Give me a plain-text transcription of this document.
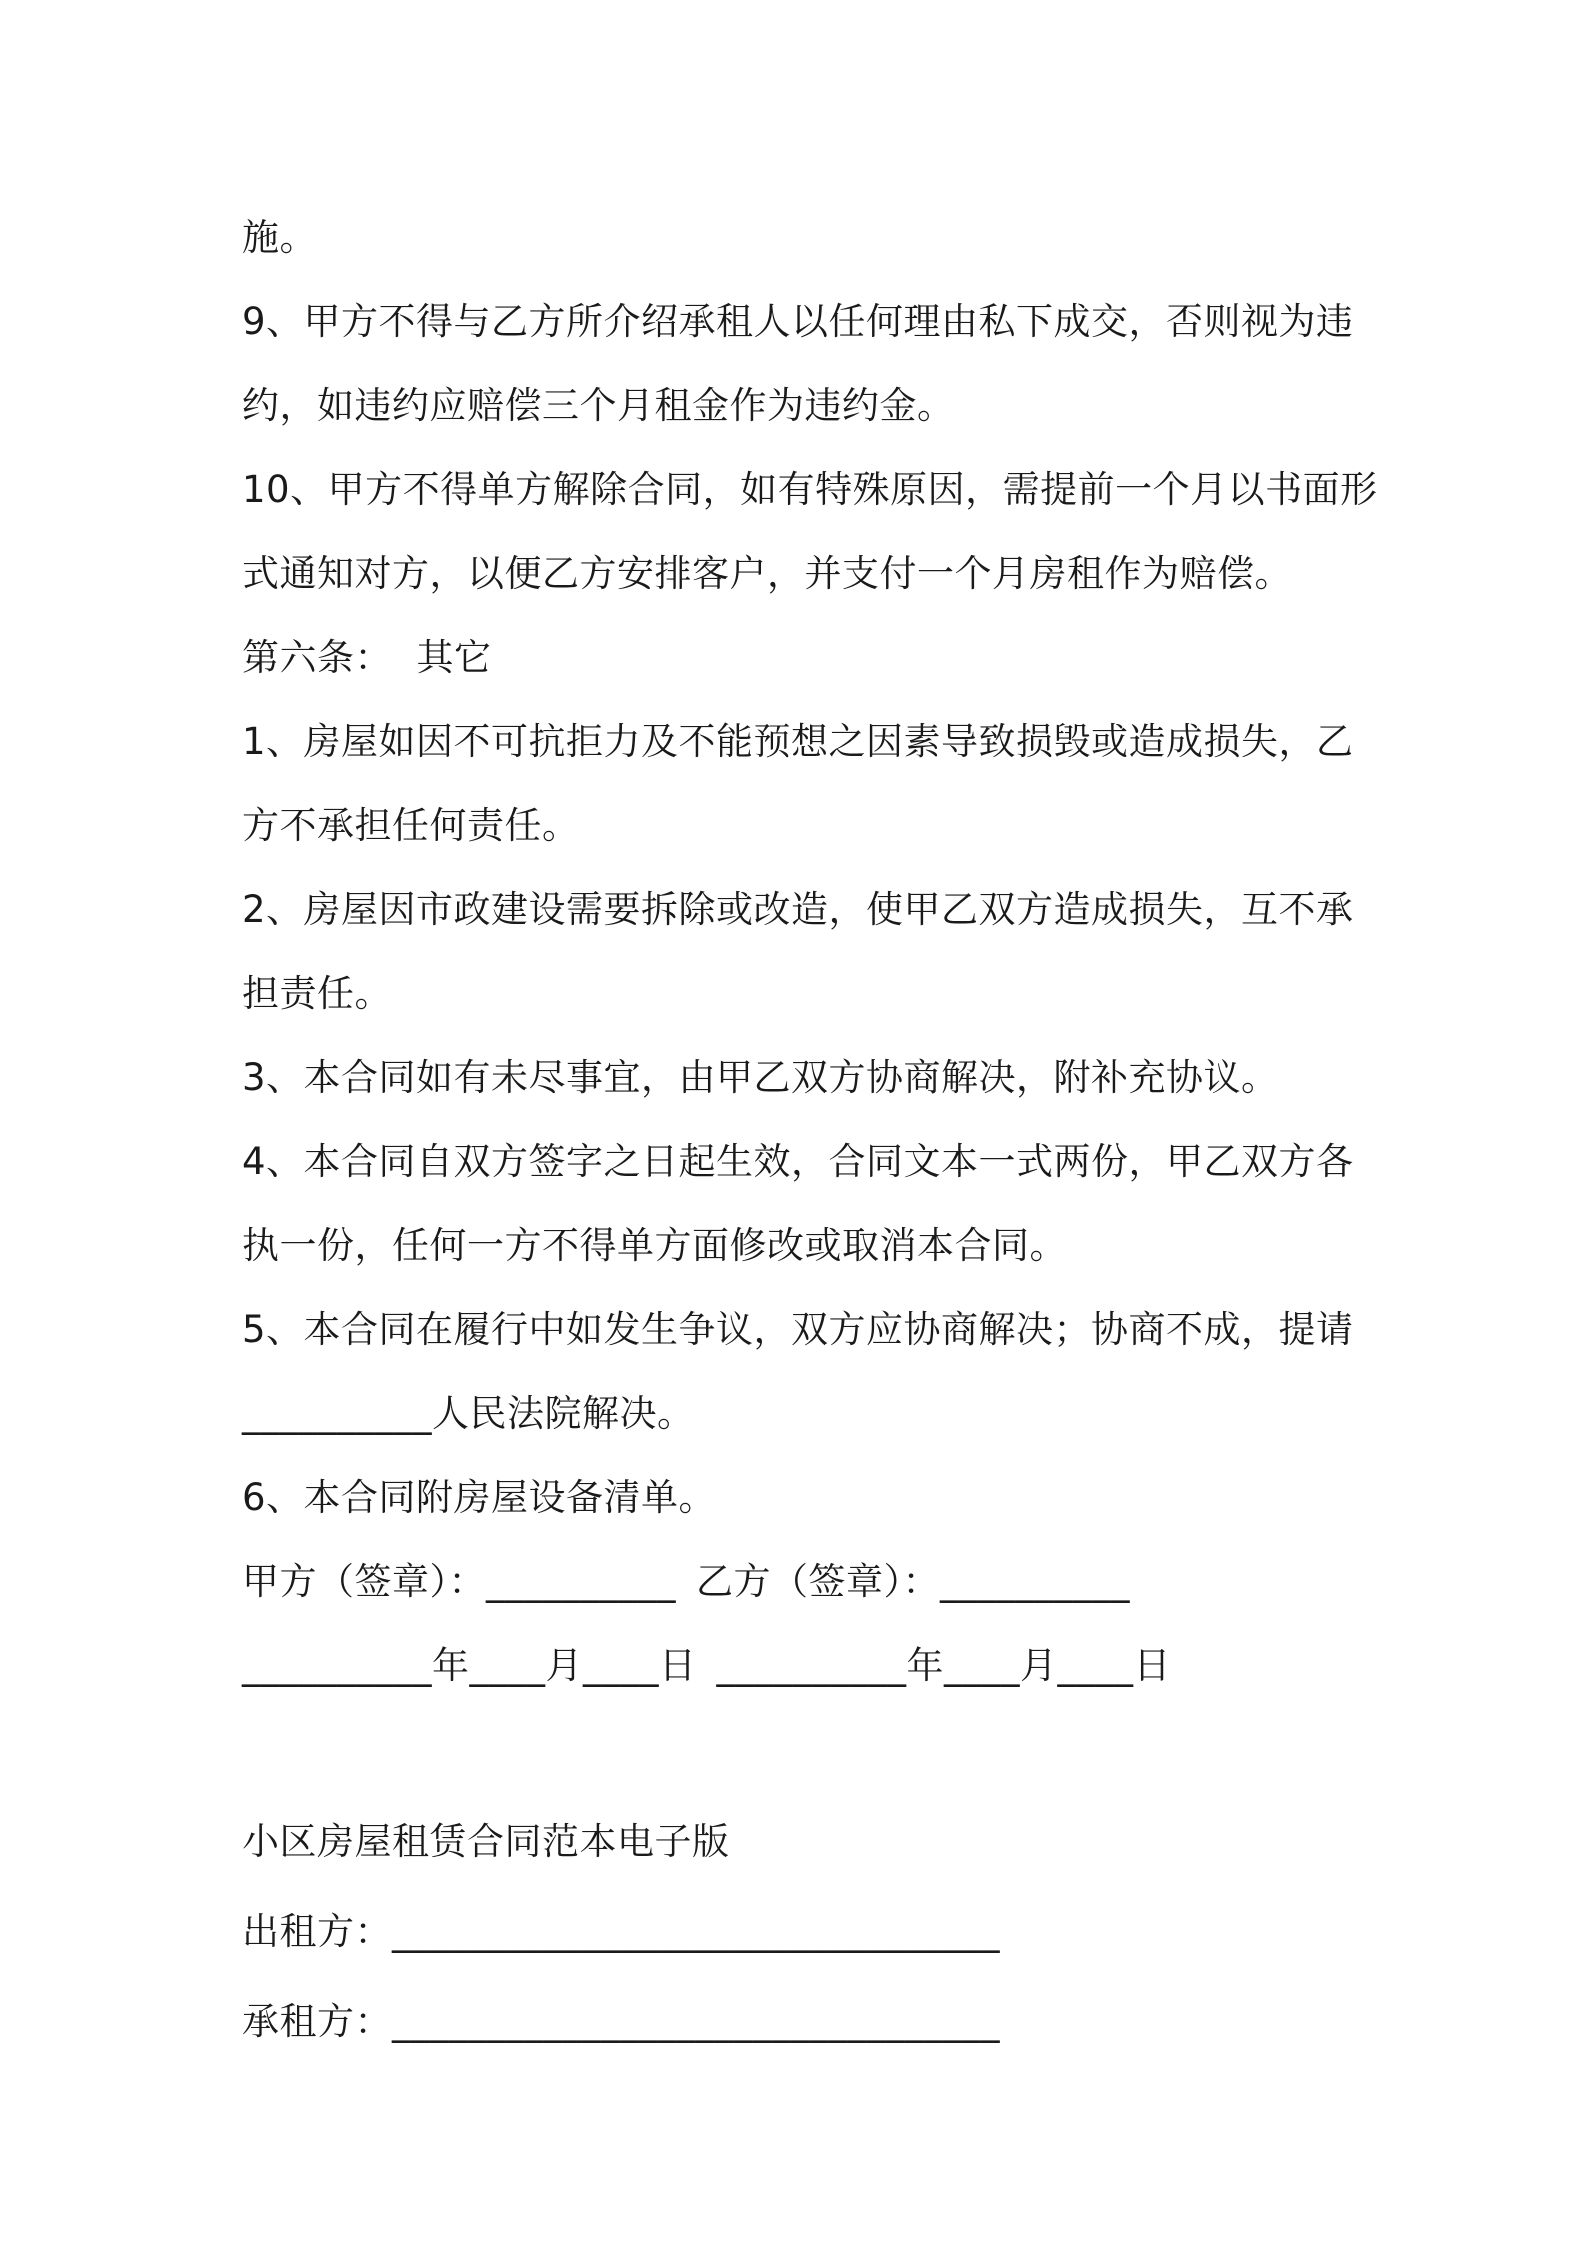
施。
9、甲方不得与乙方所介绍承租人以任何理由私下成交，否则视为违
约，如违约应赔偿三个月租金作为违约金。
10、甲方不得单方解除合同，如有特殊原因，需提前一个月以书面形
式通知对方，以便乙方安排客户，并支付一个月房租作为赔偿。
第六条：  其它
1、房屋如因不可抗拒力及不能预想之因素导致损毁或造成损失，乙
方不承担任何责任。
2、房屋因市政建设需要拆除或改造，使甲乙双方造成损失，互不承
担责任。
3、本合同如有未尽事宜，由甲乙双方协商解决，附补充协议。
4、本合同自双方签字之日起生效，合同文本一式两份，甲乙双方各
执一份，任何一方不得单方面修改或取消本合同。
5、本合同在履行中如发生争议，双方应协商解决；协商不成，提请
__________人民法院解决。
6、本合同附房屋设备清单。
甲方（签章）：__________ 乙方（签章）：__________
__________年____月____日 __________年____月____日
小区房屋租赁合同范本电子版
出租方：________________________________
承租方：________________________________
